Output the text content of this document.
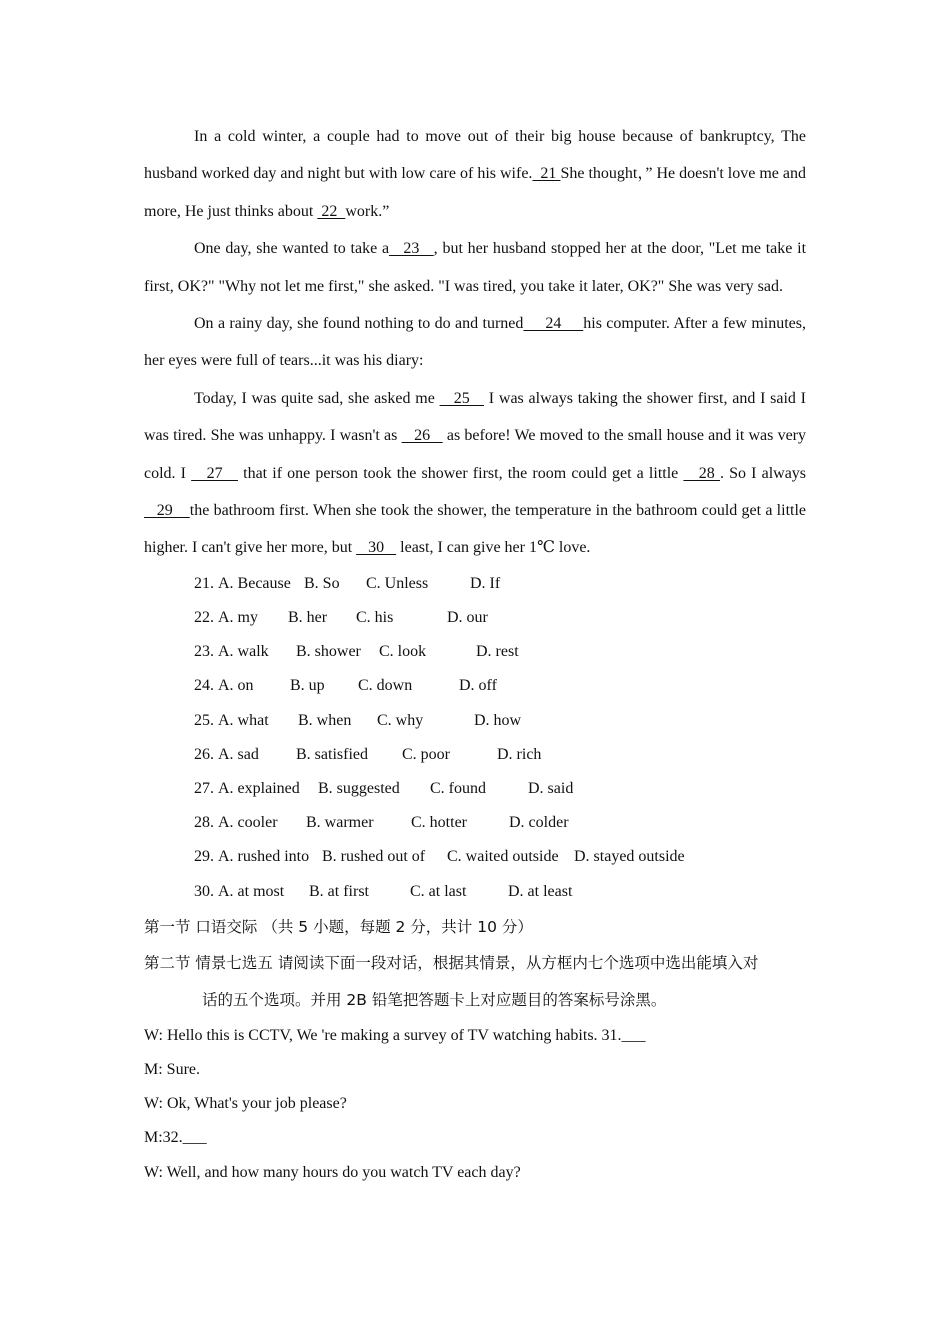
In a cold winter, a couple had to move out of their big house because of bankruptcy, The husband worked day and night but with low care of his wife.  21 She thought，” He doesn't love me and more, He just thinks about  22  work.”

One day, she wanted to take a   23   , but her husband stopped her at the door, "Let me take it first, OK?" "Why not let me first," she asked. "I was tired, you take it later, OK?" She was very sad.

On a rainy day, she found nothing to do and turned     24     his computer. After a few minutes, her eyes were full of tears...it was his diary:

Today, I was quite sad, she asked me    25    I was always taking the shower first, and I said I was tired. She was unhappy. I wasn't as    26    as before! We moved to the small house and it was very cold. I    27    that if one person took the shower first, the room could get a little    28 . So I always    29    the bathroom first. When she took the shower, the temperature in the bathroom could get a little higher. I can't give her more, but    30    least, I can give her 1℃ love.

21. A. Because B. So C. Unless	D. If
22. A. my B. her C. his	D. our
23. A. walk B. shower C. look	D. rest
24. A. on B. up C. down	D. off
25. A. what B. when C. why	D. how
26. A. sad B. satisfied C. poor	D. rich
27. A. explained B. suggested C. found	D. said
28. A. cooler B. warmer C. hotter	D. colder
29. A. rushed into B. rushed out of C. waited outside D. stayed outside
30. A. at most B. at first	C. at last	D. at least
第一节 口语交际 （共 5 小题，每题 2 分，共计 10 分）
第二节 情景七选五 请阅读下面一段对话，根据其情景，从方框内七个选项中选出能填入对
话的五个选项。并用 2B 铅笔把答题卡上对应题目的答案标号涂黑。
W: Hello this is CCTV, We 're making a survey of TV watching habits. 31.___
M: Sure.
W: Ok, What's your job please?
M:32.___
W: Well, and how many hours do you watch TV each day?
